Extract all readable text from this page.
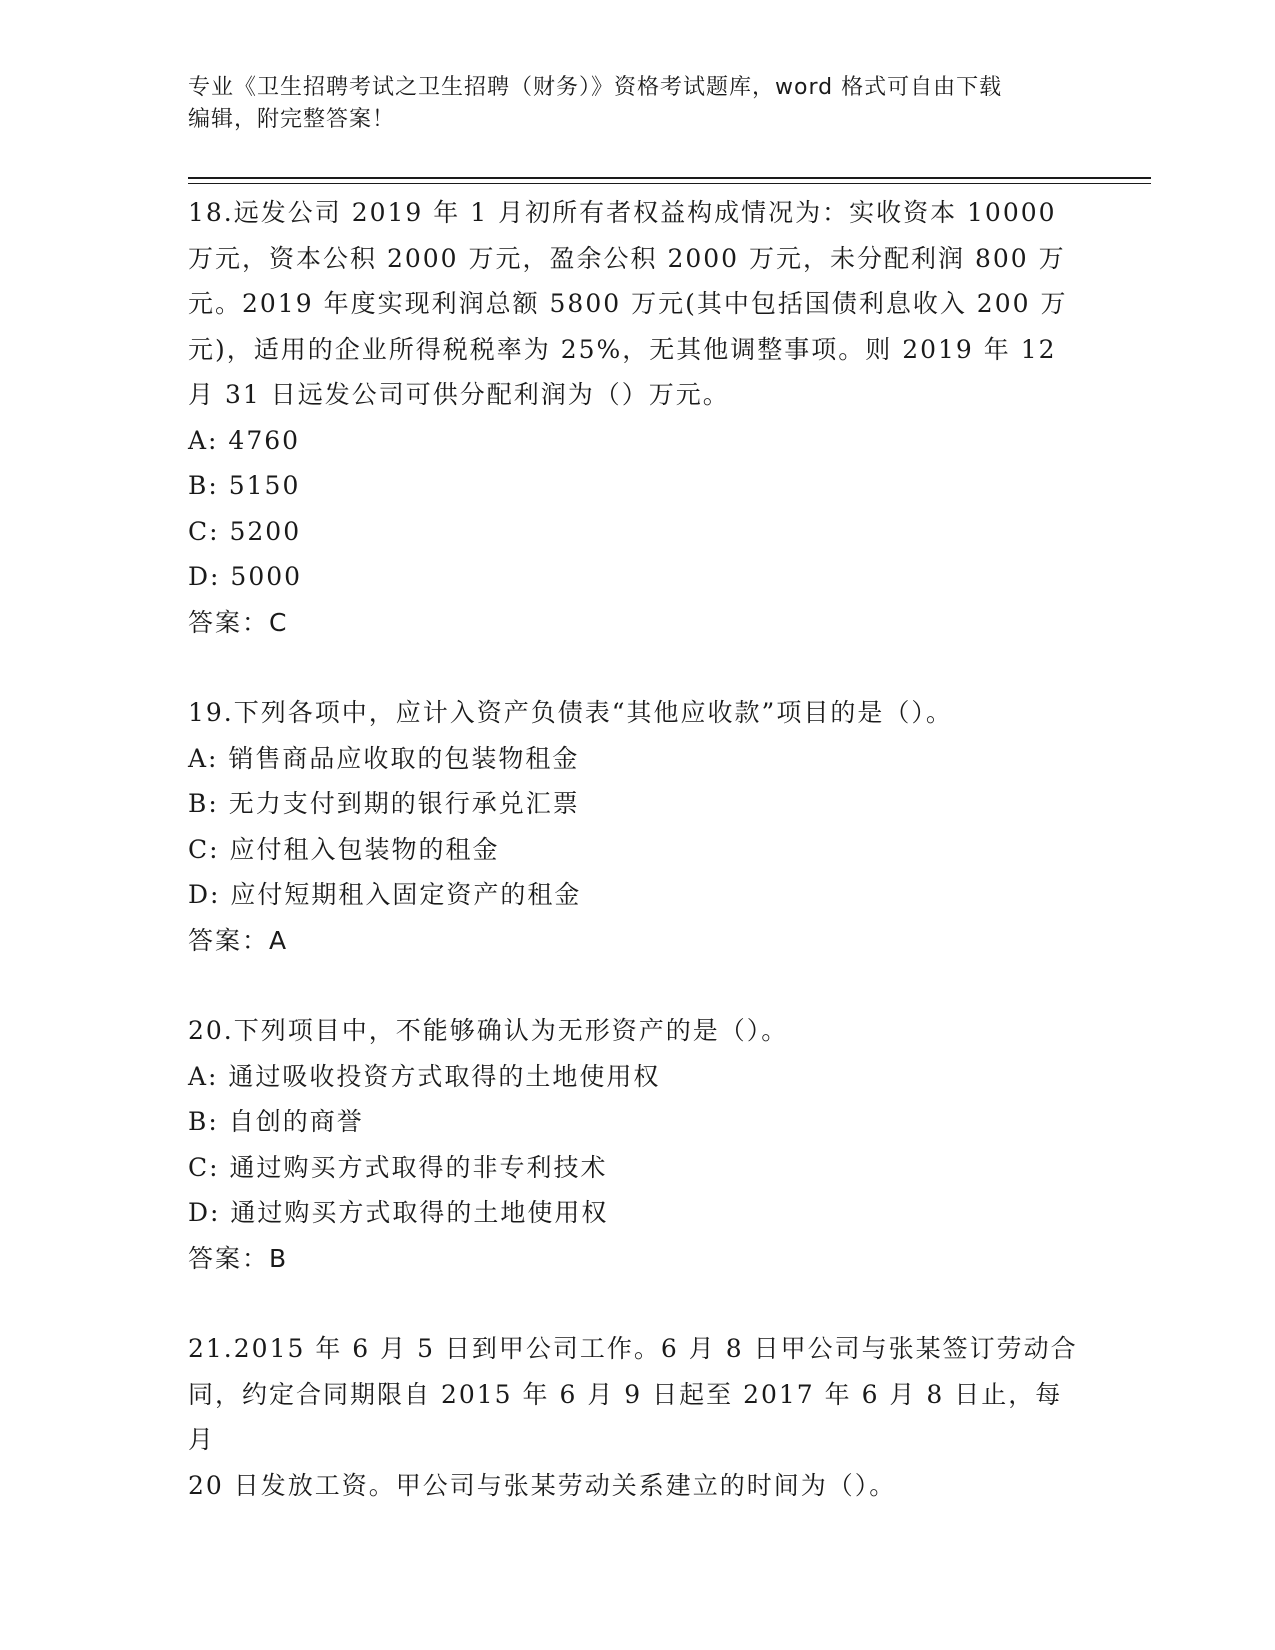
专业《卫生招聘考试之卫生招聘（财务）》资格考试题库，word 格式可自由下载
编辑，附完整答案！

18.远发公司 2019 年 1 月初所有者权益构成情况为：实收资本 10000

万元，资本公积 2000 万元，盈余公积 2000 万元，未分配利润 800 万

元。2019 年度实现利润总额 5800 万元(其中包括国债利息收入 200 万

元)，适用的企业所得税税率为 25%，无其他调整事项。则 2019 年 12

月 31 日远发公司可供分配利润为（）万元。

A: 4760

B: 5150

C: 5200

D: 5000

答案：C

19.下列各项中，应计入资产负债表“其他应收款”项目的是（）。

A: 销售商品应收取的包装物租金

B: 无力支付到期的银行承兑汇票

C: 应付租入包装物的租金

D: 应付短期租入固定资产的租金

答案：A

20.下列项目中，不能够确认为无形资产的是（）。

A: 通过吸收投资方式取得的土地使用权

B: 自创的商誉

C: 通过购买方式取得的非专利技术

D: 通过购买方式取得的土地使用权

答案：B

21.2015 年 6 月 5 日到甲公司工作。6 月 8 日甲公司与张某签订劳动合

同，约定合同期限自 2015 年 6 月 9 日起至 2017 年 6 月 8 日止，每月

20 日发放工资。甲公司与张某劳动关系建立的时间为（）。
